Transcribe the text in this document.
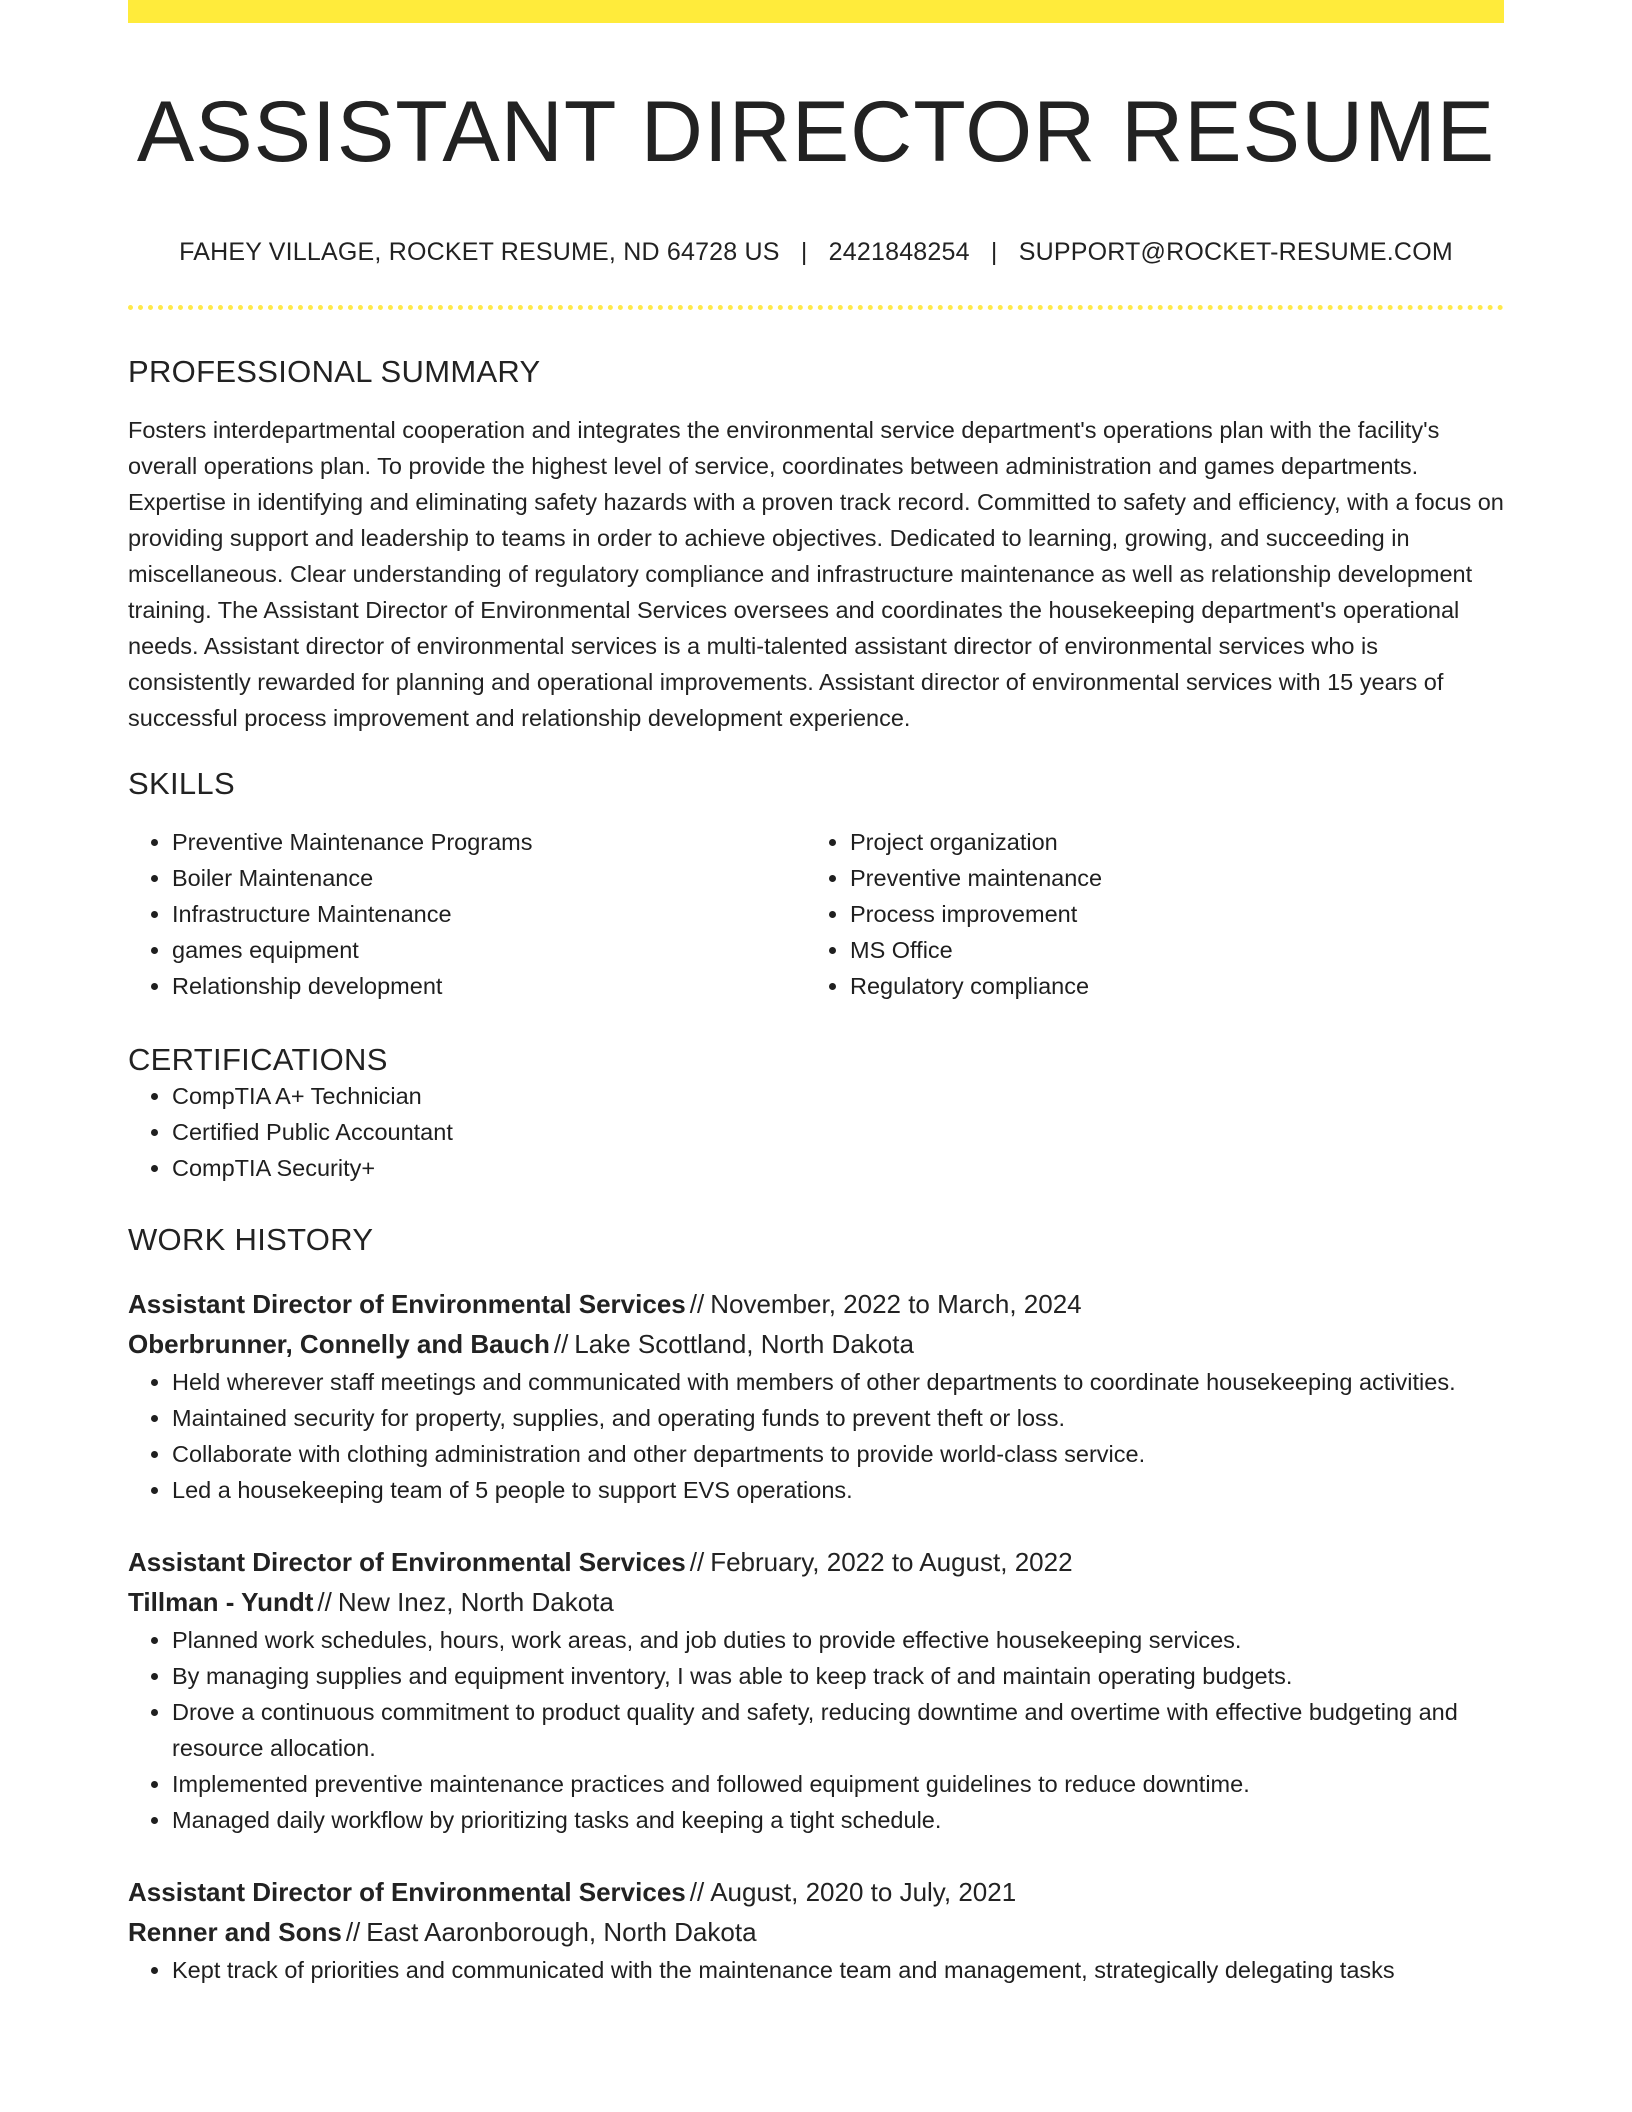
ASSISTANT DIRECTOR RESUME
FAHEY VILLAGE, ROCKET RESUME, ND 64728 US | 2421848254 | SUPPORT@ROCKET-RESUME.COM
PROFESSIONAL SUMMARY
Fosters interdepartmental cooperation and integrates the environmental service department's operations plan with the facility's overall operations plan. To provide the highest level of service, coordinates between administration and games departments. Expertise in identifying and eliminating safety hazards with a proven track record. Committed to safety and efficiency, with a focus on providing support and leadership to teams in order to achieve objectives. Dedicated to learning, growing, and succeeding in miscellaneous. Clear understanding of regulatory compliance and infrastructure maintenance as well as relationship development training. The Assistant Director of Environmental Services oversees and coordinates the housekeeping department's operational needs. Assistant director of environmental services is a multi-talented assistant director of environmental services who is consistently rewarded for planning and operational improvements. Assistant director of environmental services with 15 years of successful process improvement and relationship development experience.
SKILLS
• Preventive Maintenance Programs
• Boiler Maintenance
• Infrastructure Maintenance
• games equipment
• Relationship development
• Project organization
• Preventive maintenance
• Process improvement
• MS Office
• Regulatory compliance
CERTIFICATIONS
• CompTIA A+ Technician
• Certified Public Accountant
• CompTIA Security+
WORK HISTORY
Assistant Director of Environmental Services // November, 2022 to March, 2024
Oberbrunner, Connelly and Bauch // Lake Scottland, North Dakota
• Held wherever staff meetings and communicated with members of other departments to coordinate housekeeping activities.
• Maintained security for property, supplies, and operating funds to prevent theft or loss.
• Collaborate with clothing administration and other departments to provide world-class service.
• Led a housekeeping team of 5 people to support EVS operations.
Assistant Director of Environmental Services // February, 2022 to August, 2022
Tillman - Yundt // New Inez, North Dakota
• Planned work schedules, hours, work areas, and job duties to provide effective housekeeping services.
• By managing supplies and equipment inventory, I was able to keep track of and maintain operating budgets.
• Drove a continuous commitment to product quality and safety, reducing downtime and overtime with effective budgeting and resource allocation.
• Implemented preventive maintenance practices and followed equipment guidelines to reduce downtime.
• Managed daily workflow by prioritizing tasks and keeping a tight schedule.
Assistant Director of Environmental Services // August, 2020 to July, 2021
Renner and Sons // East Aaronborough, North Dakota
• Kept track of priorities and communicated with the maintenance team and management, strategically delegating tasks
